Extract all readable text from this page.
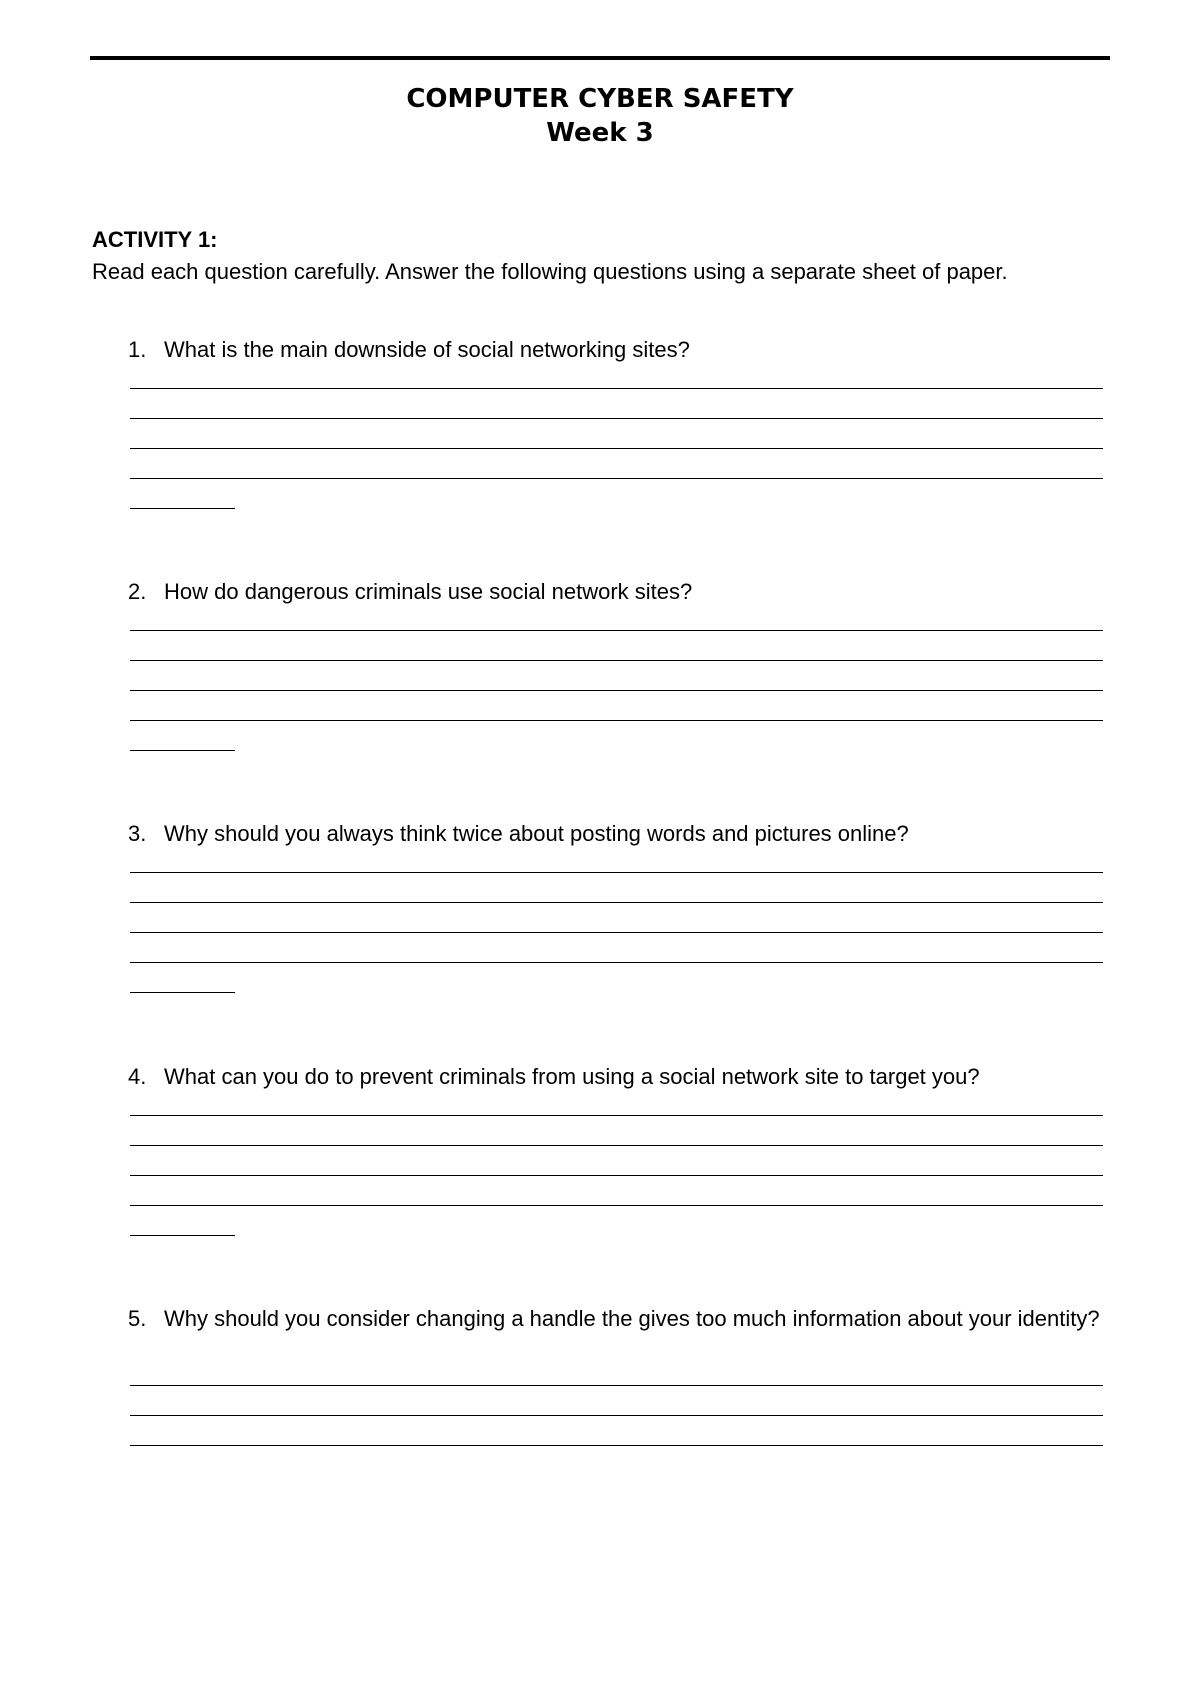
COMPUTER CYBER SAFETY
Week 3
ACTIVITY 1:
Read each question carefully. Answer the following questions using a separate sheet of paper.
1. What is the main downside of social networking sites?
2. How do dangerous criminals use social network sites?
3. Why should you always think twice about posting words and pictures online?
4. What can you do to prevent criminals from using a social network site to target you?
5. Why should you consider changing a handle the gives too much information about your identity?
